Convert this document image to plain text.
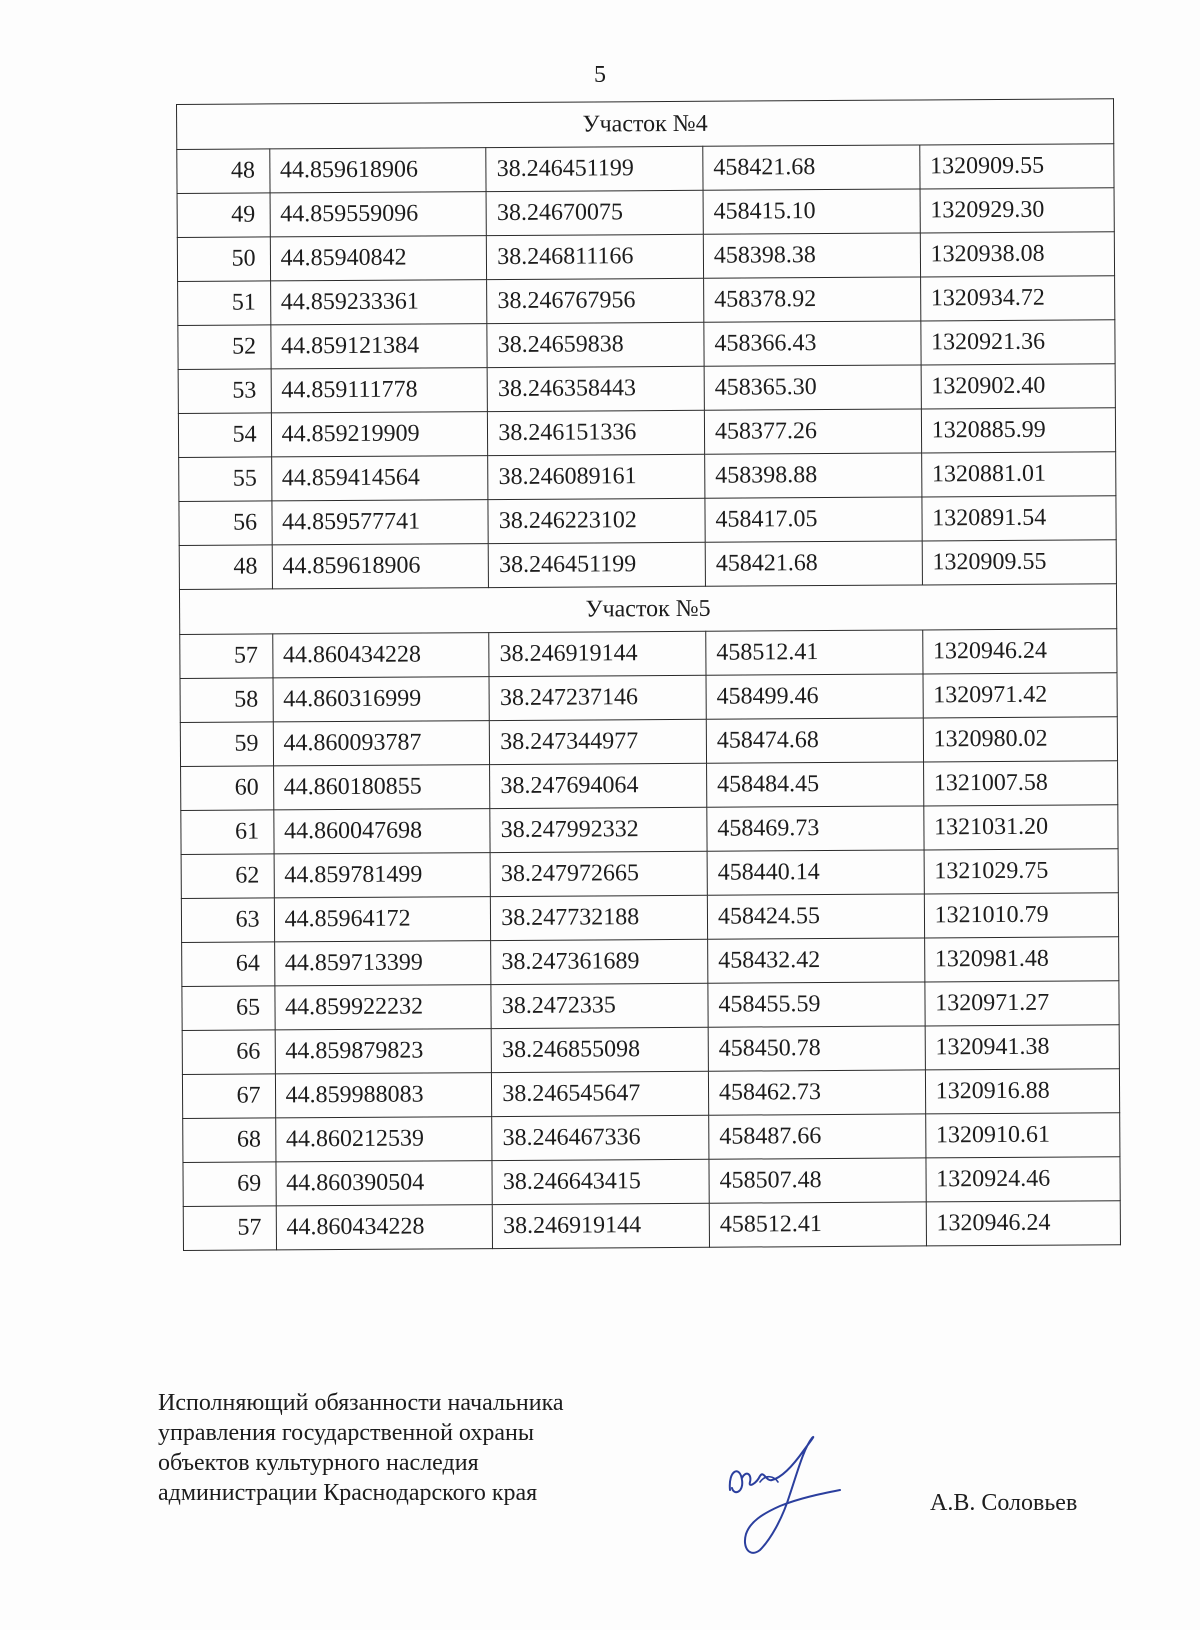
5
Участок №4				
48	44.859618906	38.246451199	458421.68	1320909.55
49	44.859559096	38.24670075	458415.10	1320929.30
50	44.85940842	38.246811166	458398.38	1320938.08
51	44.859233361	38.246767956	458378.92	1320934.72
52	44.859121384	38.24659838	458366.43	1320921.36
53	44.859111778	38.246358443	458365.30	1320902.40
54	44.859219909	38.246151336	458377.26	1320885.99
55	44.859414564	38.246089161	458398.88	1320881.01
56	44.859577741	38.246223102	458417.05	1320891.54
48	44.859618906	38.246451199	458421.68	1320909.55
Участок №5				
57	44.860434228	38.246919144	458512.41	1320946.24
58	44.860316999	38.247237146	458499.46	1320971.42
59	44.860093787	38.247344977	458474.68	1320980.02
60	44.860180855	38.247694064	458484.45	1321007.58
61	44.860047698	38.247992332	458469.73	1321031.20
62	44.859781499	38.247972665	458440.14	1321029.75
63	44.85964172	38.247732188	458424.55	1321010.79
64	44.859713399	38.247361689	458432.42	1320981.48
65	44.859922232	38.2472335	458455.59	1320971.27
66	44.859879823	38.246855098	458450.78	1320941.38
67	44.859988083	38.246545647	458462.73	1320916.88
68	44.860212539	38.246467336	458487.66	1320910.61
69	44.860390504	38.246643415	458507.48	1320924.46
57	44.860434228	38.246919144	458512.41	1320946.24
Исполняющий обязанности начальника
управления государственной охраны
объектов культурного наследия
администрации Краснодарского края	А.В. Соловьев
